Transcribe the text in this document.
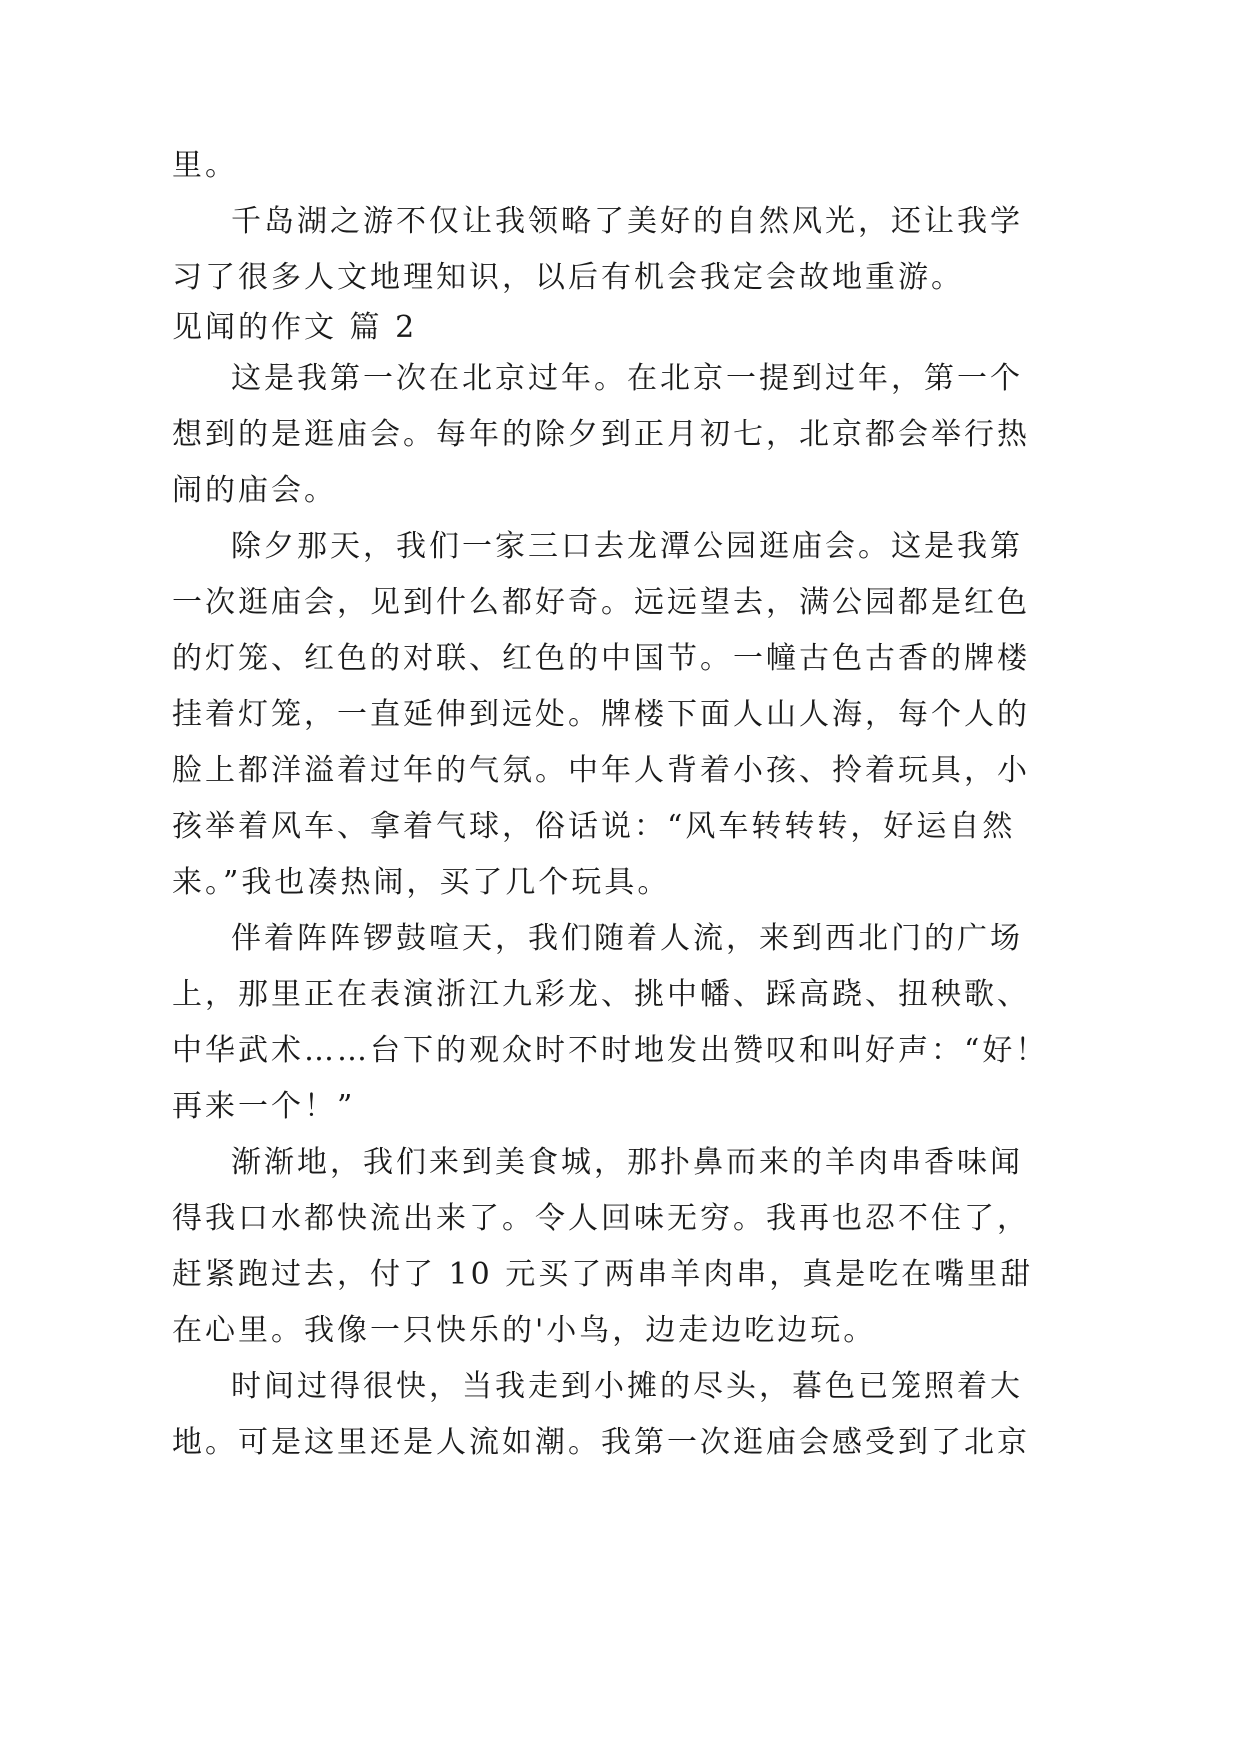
里。
千岛湖之游不仅让我领略了美好的自然风光，还让我学
习了很多人文地理知识，以后有机会我定会故地重游。
见闻的作文 篇 2
这是我第一次在北京过年。在北京一提到过年，第一个
想到的是逛庙会。每年的除夕到正月初七，北京都会举行热
闹的庙会。
除夕那天，我们一家三口去龙潭公园逛庙会。这是我第
一次逛庙会，见到什么都好奇。远远望去，满公园都是红色
的灯笼、红色的对联、红色的中国节。一幢古色古香的牌楼
挂着灯笼，一直延伸到远处。牌楼下面人山人海，每个人的
脸上都洋溢着过年的气氛。中年人背着小孩、拎着玩具，小
孩举着风车、拿着气球，俗话说：“风车转转转，好运自然
来。”我也凑热闹，买了几个玩具。
伴着阵阵锣鼓喧天，我们随着人流，来到西北门的广场
上，那里正在表演浙江九彩龙、挑中幡、踩高跷、扭秧歌、
中华武术……台下的观众时不时地发出赞叹和叫好声：“好！
再来一个！”
渐渐地，我们来到美食城，那扑鼻而来的羊肉串香味闻
得我口水都快流出来了。令人回味无穷。我再也忍不住了，
赶紧跑过去，付了 10 元买了两串羊肉串，真是吃在嘴里甜
在心里。我像一只快乐的'小鸟，边走边吃边玩。
时间过得很快，当我走到小摊的尽头，暮色已笼照着大
地。可是这里还是人流如潮。我第一次逛庙会感受到了北京
